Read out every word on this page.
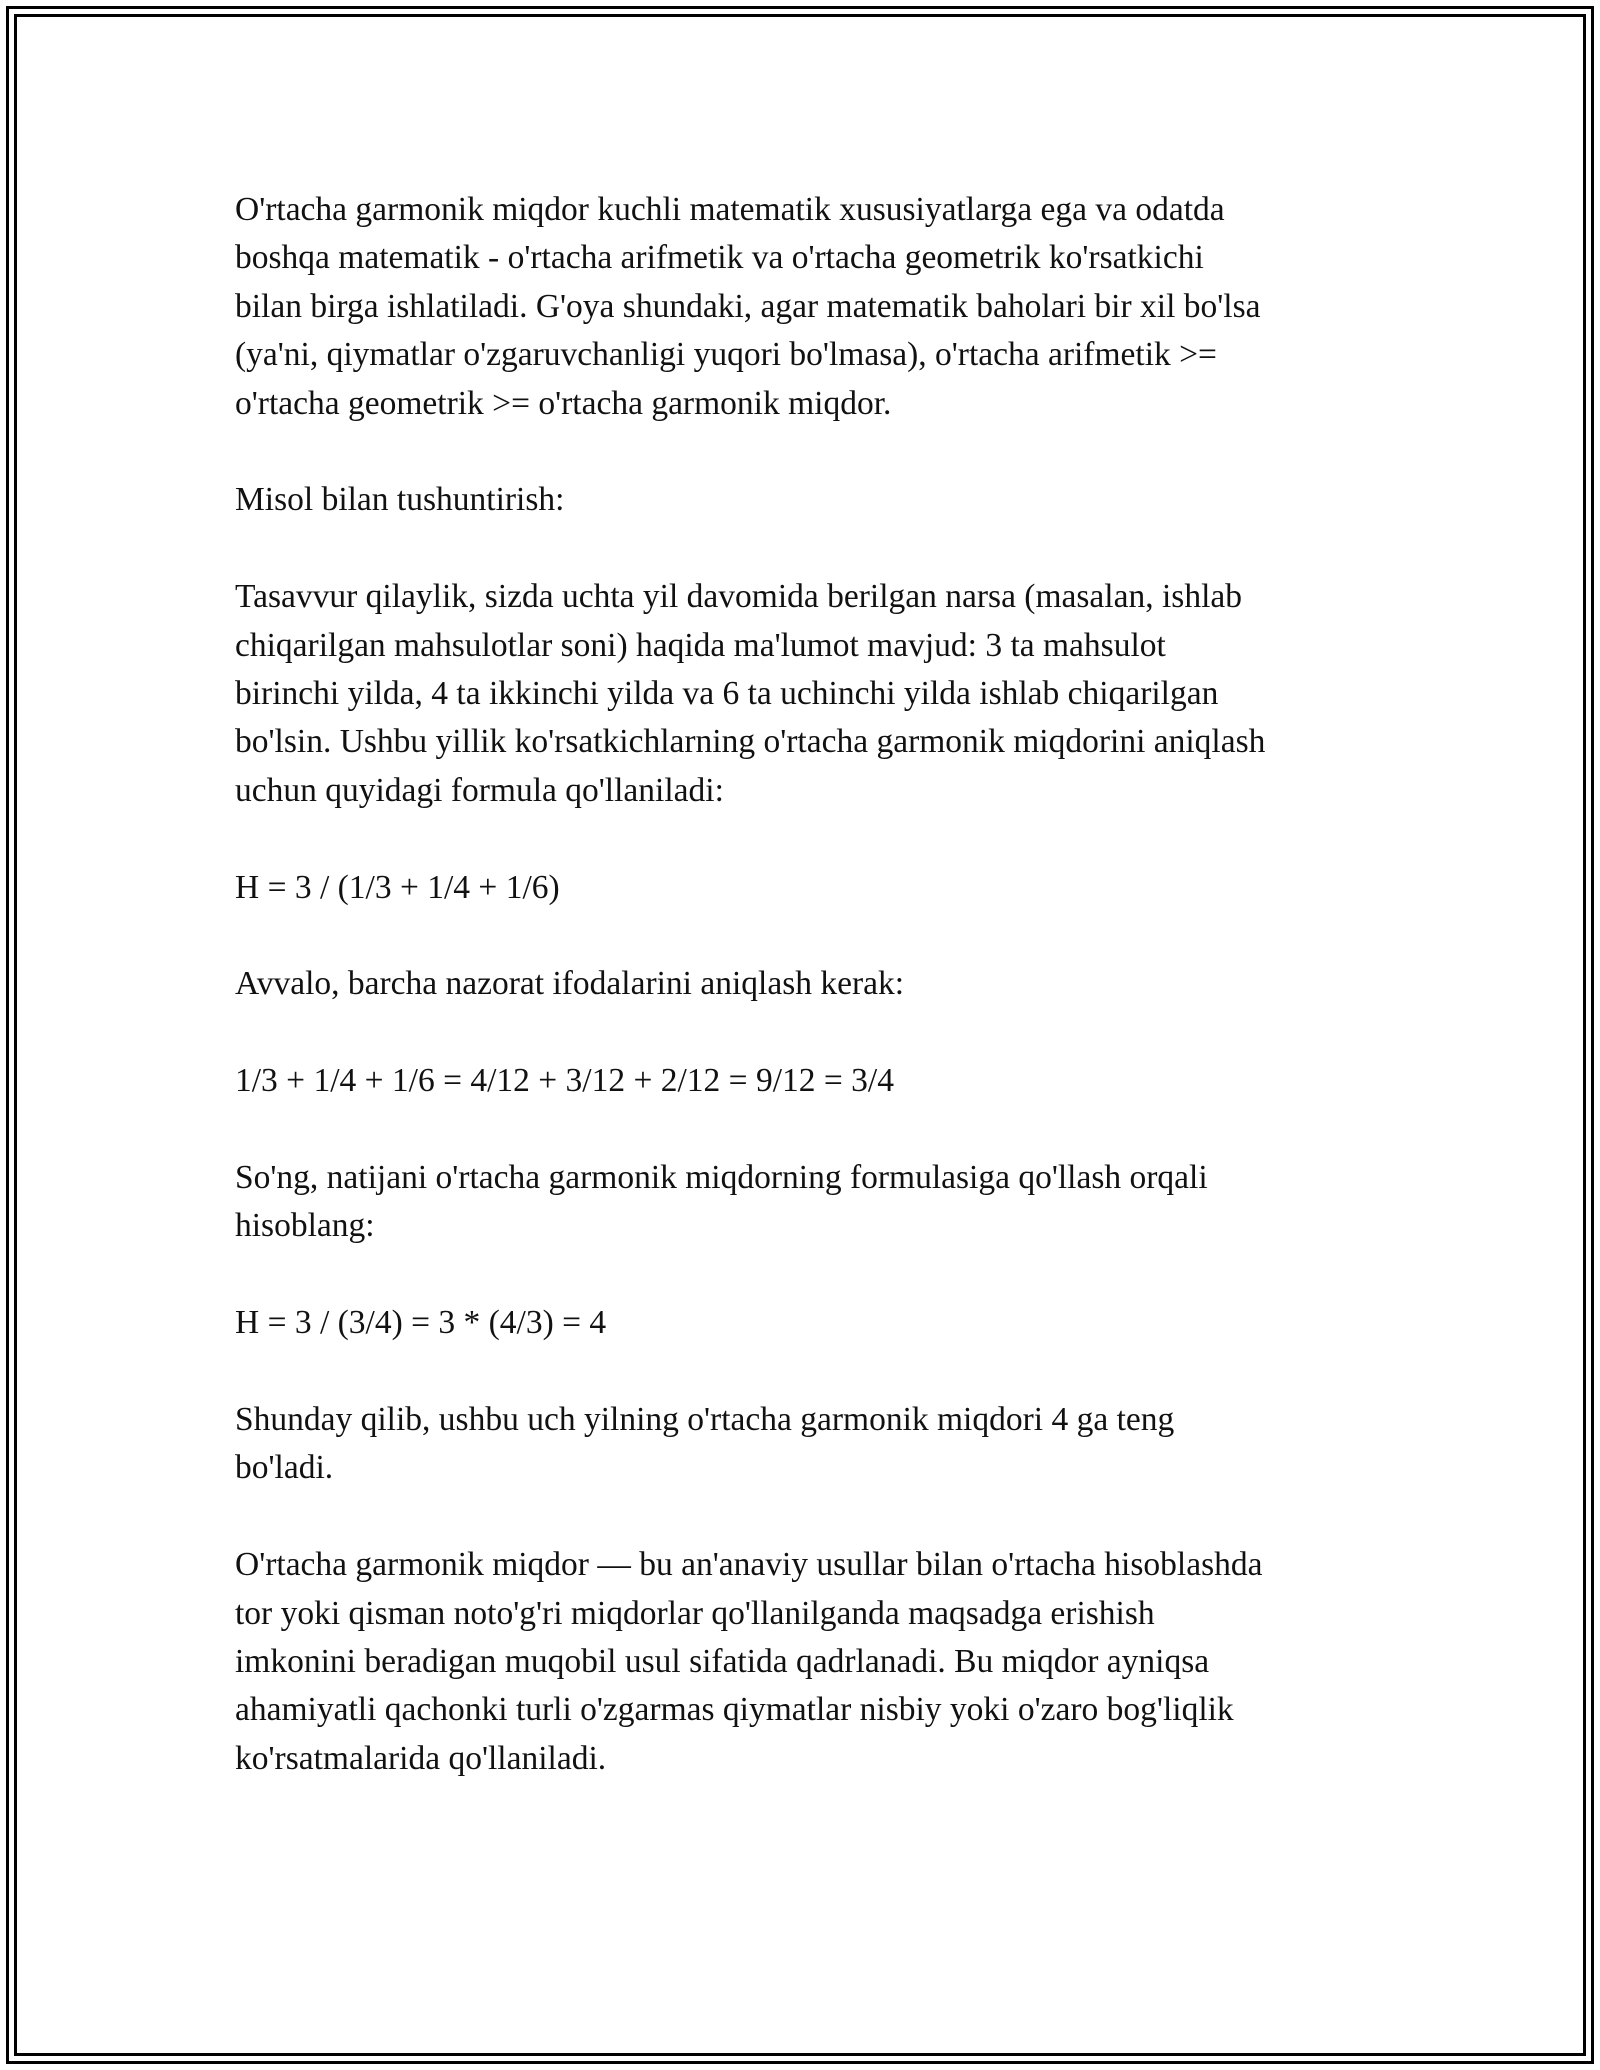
O'rtacha garmonik miqdor kuchli matematik xususiyatlarga ega va odatda
boshqa matematik - o'rtacha arifmetik va o'rtacha geometrik ko'rsatkichi
bilan birga ishlatiladi. G'oya shundaki, agar matematik baholari bir xil bo'lsa
(ya'ni, qiymatlar o'zgaruvchanligi yuqori bo'lmasa), o'rtacha arifmetik >=
o'rtacha geometrik >= o'rtacha garmonik miqdor.

Misol bilan tushuntirish:

Tasavvur qilaylik, sizda uchta yil davomida berilgan narsa (masalan, ishlab
chiqarilgan mahsulotlar soni) haqida ma'lumot mavjud: 3 ta mahsulot
birinchi yilda, 4 ta ikkinchi yilda va 6 ta uchinchi yilda ishlab chiqarilgan
bo'lsin. Ushbu yillik ko'rsatkichlarning o'rtacha garmonik miqdorini aniqlash
uchun quyidagi formula qo'llaniladi:

H = 3 / (1/3 + 1/4 + 1/6)

Avvalo, barcha nazorat ifodalarini aniqlash kerak:

1/3 + 1/4 + 1/6 = 4/12 + 3/12 + 2/12 = 9/12 = 3/4

So'ng, natijani o'rtacha garmonik miqdorning formulasiga qo'llash orqali
hisoblang:

H = 3 / (3/4) = 3 * (4/3) = 4

Shunday qilib, ushbu uch yilning o'rtacha garmonik miqdori 4 ga teng
bo'ladi.

O'rtacha garmonik miqdor — bu an'anaviy usullar bilan o'rtacha hisoblashda
tor yoki qisman noto'g'ri miqdorlar qo'llanilganda maqsadga erishish
imkonini beradigan muqobil usul sifatida qadrlanadi. Bu miqdor ayniqsa
ahamiyatli qachonki turli o'zgarmas qiymatlar nisbiy yoki o'zaro bog'liqlik
ko'rsatmalarida qo'llaniladi.
